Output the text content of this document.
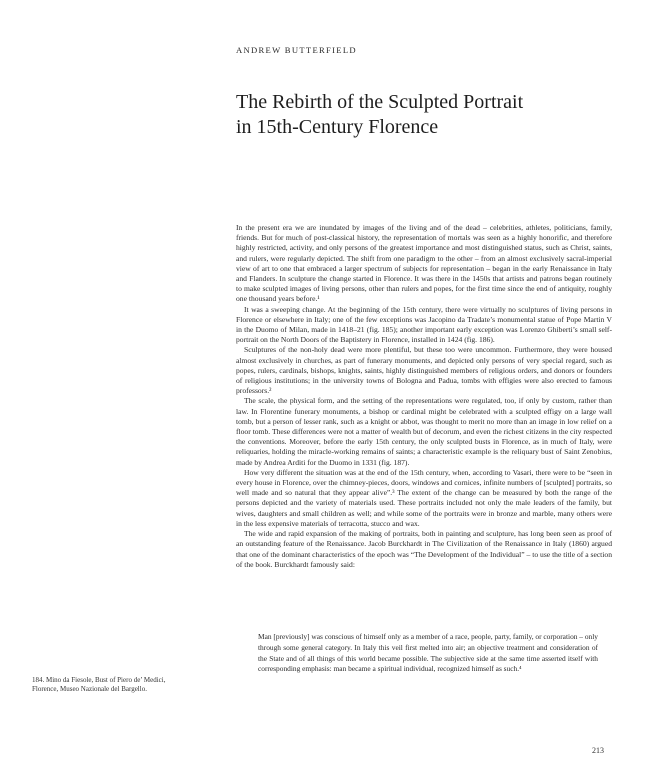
ANDREW BUTTERFIELD
The Rebirth of the Sculpted Portrait
in 15th-Century Florence

In the present era we are inundated by images of the living and of the dead – celebrities, athletes, politicians, family, friends. But for much of post-classical history, the representation of mortals was seen as a highly honorific, and therefore highly restricted, activity, and only persons of the greatest importance and most distinguished status, such as Christ, saints, and rulers, were regularly depicted. The shift from one paradigm to the other – from an almost exclusively sacral-imperial view of art to one that embraced a larger spectrum of subjects for representation – began in the early Renaissance in Italy and Flanders. In sculpture the change started in Florence. It was there in the 1450s that artists and patrons began routinely to make sculpted images of living persons, other than rulers and popes, for the first time since the end of antiquity, roughly one thousand years before.¹

It was a sweeping change. At the beginning of the 15th century, there were virtually no sculptures of living persons in Florence or elsewhere in Italy; one of the few exceptions was Jacopino da Tradate’s monumental statue of Pope Martin V in the Duomo of Milan, made in 1418–21 (fig. 185); another important early exception was Lorenzo Ghiberti’s small self-portrait on the North Doors of the Baptistery in Florence, installed in 1424 (fig. 186).

Sculptures of the non-holy dead were more plentiful, but these too were uncommon. Furthermore, they were housed almost exclusively in churches, as part of funerary monuments, and depicted only persons of very special regard, such as popes, rulers, cardinals, bishops, knights, saints, highly distinguished members of religious orders, and donors or founders of religious institutions; in the university towns of Bologna and Padua, tombs with effigies were also erected to famous professors.²

The scale, the physical form, and the setting of the representations were regulated, too, if only by custom, rather than law. In Florentine funerary monuments, a bishop or cardinal might be celebrated with a sculpted effigy on a large wall tomb, but a person of lesser rank, such as a knight or abbot, was thought to merit no more than an image in low relief on a floor tomb. These differences were not a matter of wealth but of decorum, and even the richest citizens in the city respected the conventions. Moreover, before the early 15th century, the only sculpted busts in Florence, as in much of Italy, were reliquaries, holding the miracle-working remains of saints; a characteristic example is the reliquary bust of Saint Zenobius, made by Andrea Arditi for the Duomo in 1331 (fig. 187).

How very different the situation was at the end of the 15th century, when, according to Vasari, there were to be “seen in every house in Florence, over the chimney-pieces, doors, windows and cornices, infinite numbers of [sculpted] portraits, so well made and so natural that they appear alive”.³ The extent of the change can be measured by both the range of the persons depicted and the variety of materials used. These portraits included not only the male leaders of the family, but wives, daughters and small children as well; and while some of the portraits were in bronze and marble, many others were in the less expensive materials of terracotta, stucco and wax.

The wide and rapid expansion of the making of portraits, both in painting and sculpture, has long been seen as proof of an outstanding feature of the Renaissance. Jacob Burckhardt in The Civilization of the Renaissance in Italy (1860) argued that one of the dominant characteristics of the epoch was “The Development of the Individual” – to use the title of a section of the book. Burckhardt famously said:

Man [previously] was conscious of himself only as a member of a race, people, party, family, or corporation – only through some general category. In Italy this veil first melted into air; an objective treatment and consideration of the State and of all things of this world became possible. The subjective side at the same time asserted itself with corresponding emphasis: man became a spiritual individual, recognized himself as such.⁴
184. Mino da Fiesole, Bust of Piero de’ Medici,
Florence, Museo Nazionale del Bargello.
213
